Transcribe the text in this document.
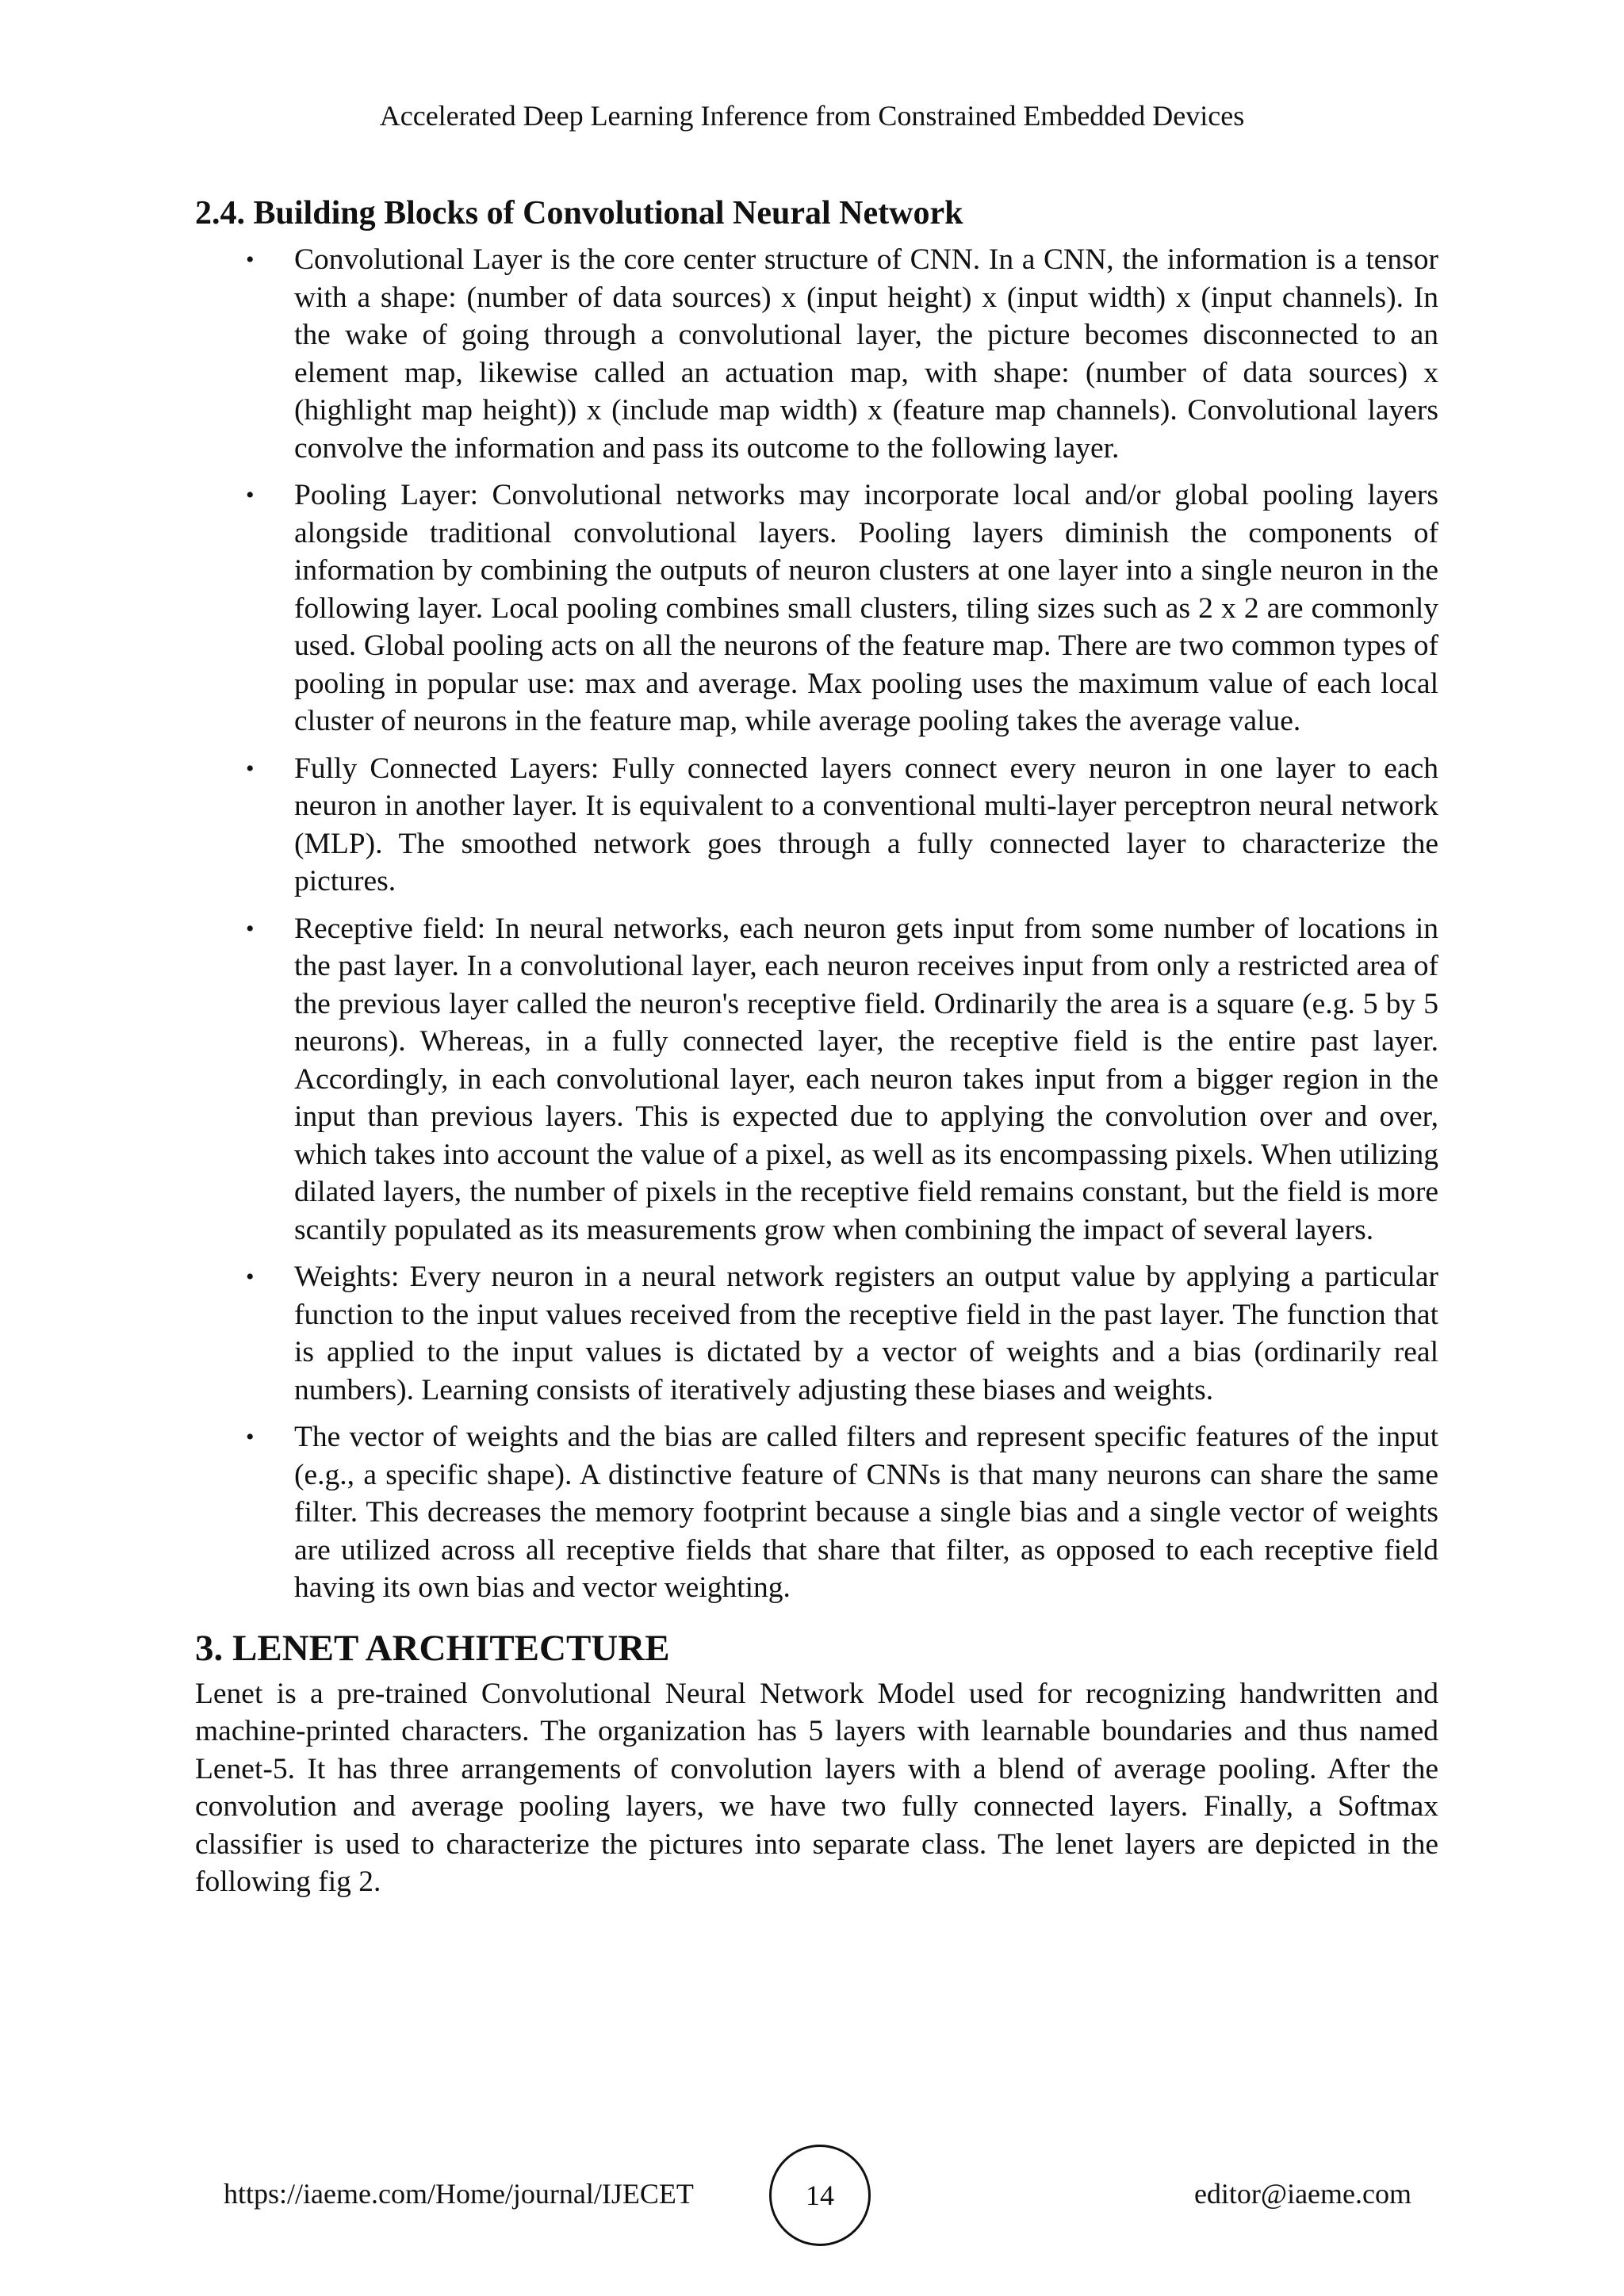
Accelerated Deep Learning Inference from Constrained Embedded Devices
2.4. Building Blocks of Convolutional Neural Network
• Convolutional Layer is the core center structure of CNN. In a CNN, the information is a tensor with a shape: (number of data sources) x (input height) x (input width) x (input channels). In the wake of going through a convolutional layer, the picture becomes disconnected to an element map, likewise called an actuation map, with shape: (number of data sources) x (highlight map height)) x (include map width) x (feature map channels). Convolutional layers convolve the information and pass its outcome to the following layer.
• Pooling Layer: Convolutional networks may incorporate local and/or global pooling layers alongside traditional convolutional layers. Pooling layers diminish the components of information by combining the outputs of neuron clusters at one layer into a single neuron in the following layer. Local pooling combines small clusters, tiling sizes such as 2 x 2 are commonly used. Global pooling acts on all the neurons of the feature map. There are two common types of pooling in popular use: max and average. Max pooling uses the maximum value of each local cluster of neurons in the feature map, while average pooling takes the average value.
• Fully Connected Layers: Fully connected layers connect every neuron in one layer to each neuron in another layer. It is equivalent to a conventional multi-layer perceptron neural network (MLP). The smoothed network goes through a fully connected layer to characterize the pictures.
• Receptive field: In neural networks, each neuron gets input from some number of locations in the past layer. In a convolutional layer, each neuron receives input from only a restricted area of the previous layer called the neuron's receptive field. Ordinarily the area is a square (e.g. 5 by 5 neurons). Whereas, in a fully connected layer, the receptive field is the entire past layer. Accordingly, in each convolutional layer, each neuron takes input from a bigger region in the input than previous layers. This is expected due to applying the convolution over and over, which takes into account the value of a pixel, as well as its encompassing pixels. When utilizing dilated layers, the number of pixels in the receptive field remains constant, but the field is more scantily populated as its measurements grow when combining the impact of several layers.
• Weights: Every neuron in a neural network registers an output value by applying a particular function to the input values received from the receptive field in the past layer. The function that is applied to the input values is dictated by a vector of weights and a bias (ordinarily real numbers). Learning consists of iteratively adjusting these biases and weights.
• The vector of weights and the bias are called filters and represent specific features of the input (e.g., a specific shape). A distinctive feature of CNNs is that many neurons can share the same filter. This decreases the memory footprint because a single bias and a single vector of weights are utilized across all receptive fields that share that filter, as opposed to each receptive field having its own bias and vector weighting.
3. LENET ARCHITECTURE

Lenet is a pre-trained Convolutional Neural Network Model used for recognizing handwritten and machine-printed characters. The organization has 5 layers with learnable boundaries and thus named Lenet-5. It has three arrangements of convolution layers with a blend of average pooling. After the convolution and average pooling layers, we have two fully connected layers. Finally, a Softmax classifier is used to characterize the pictures into separate class. The lenet layers are depicted in the following fig 2.

https://iaeme.com/Home/journal/IJECET	14	editor@iaeme.com
